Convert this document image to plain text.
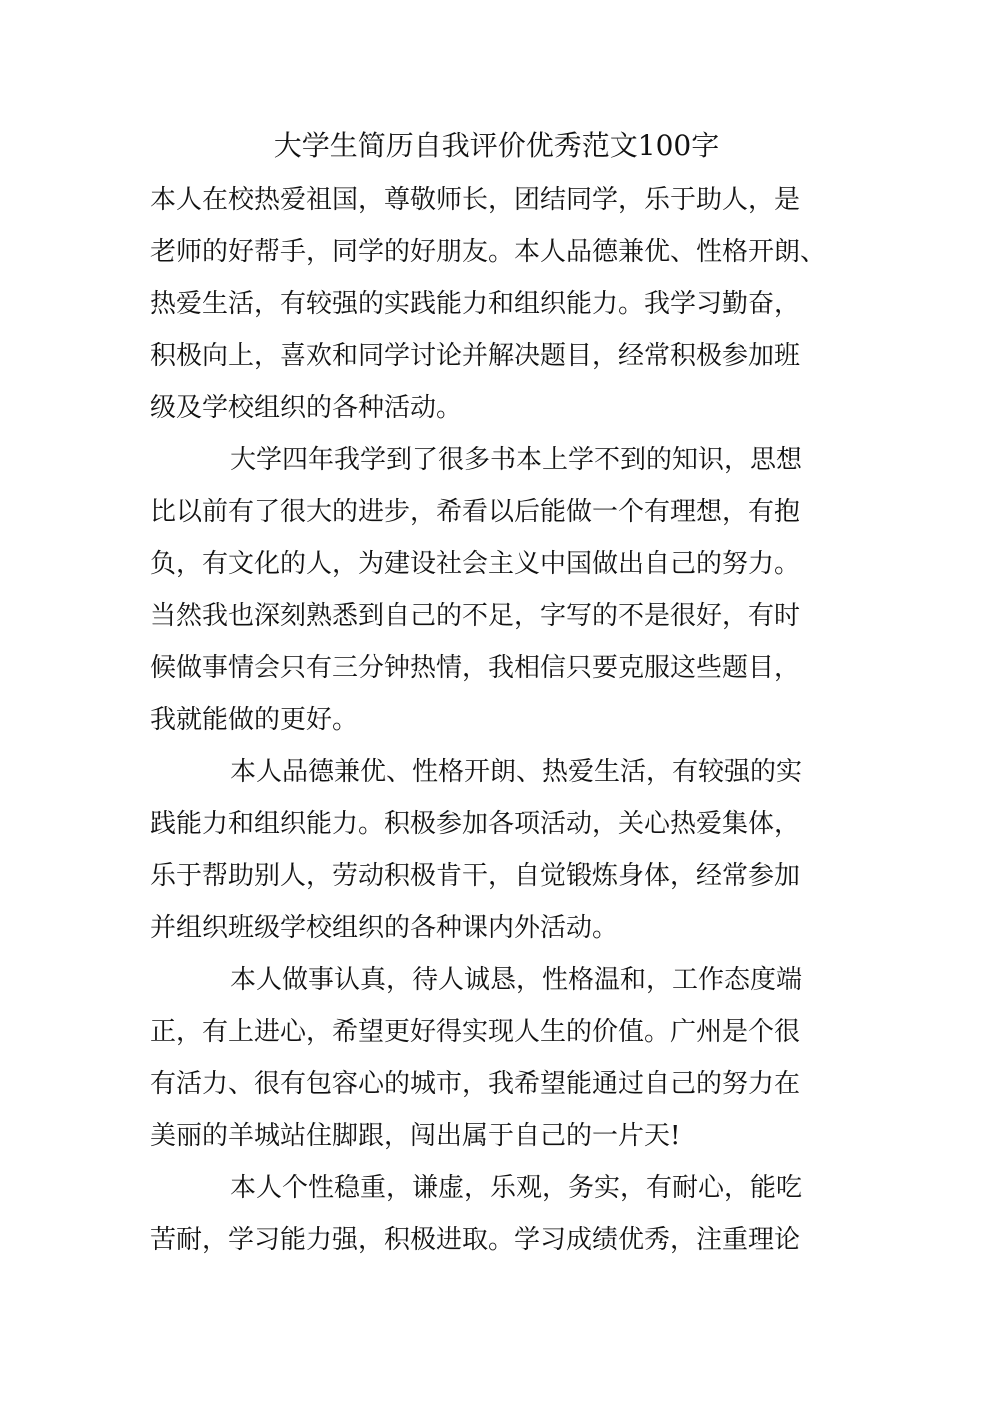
大学生简历自我评价优秀范文100字
本人在校热爱祖国，尊敬师长，团结同学，乐于助人，是
老师的好帮手，同学的好朋友。本人品德兼优、性格开朗、
热爱生活，有较强的实践能力和组织能力。我学习勤奋，
积极向上，喜欢和同学讨论并解决题目，经常积极参加班
级及学校组织的各种活动。
大学四年我学到了很多书本上学不到的知识，思想
比以前有了很大的进步，希看以后能做一个有理想，有抱
负，有文化的人，为建设社会主义中国做出自己的努力。
当然我也深刻熟悉到自己的不足，字写的不是很好，有时
候做事情会只有三分钟热情，我相信只要克服这些题目，
我就能做的更好。
本人品德兼优、性格开朗、热爱生活，有较强的实
践能力和组织能力。积极参加各项活动，关心热爱集体，
乐于帮助别人，劳动积极肯干，自觉锻炼身体，经常参加
并组织班级学校组织的各种课内外活动。
本人做事认真，待人诚恳，性格温和，工作态度端
正，有上进心，希望更好得实现人生的价值。广州是个很
有活力、很有包容心的城市，我希望能通过自己的努力在
美丽的羊城站住脚跟，闯出属于自己的一片天!
本人个性稳重，谦虚，乐观，务实，有耐心，能吃
苦耐，学习能力强，积极进取。学习成绩优秀，注重理论
